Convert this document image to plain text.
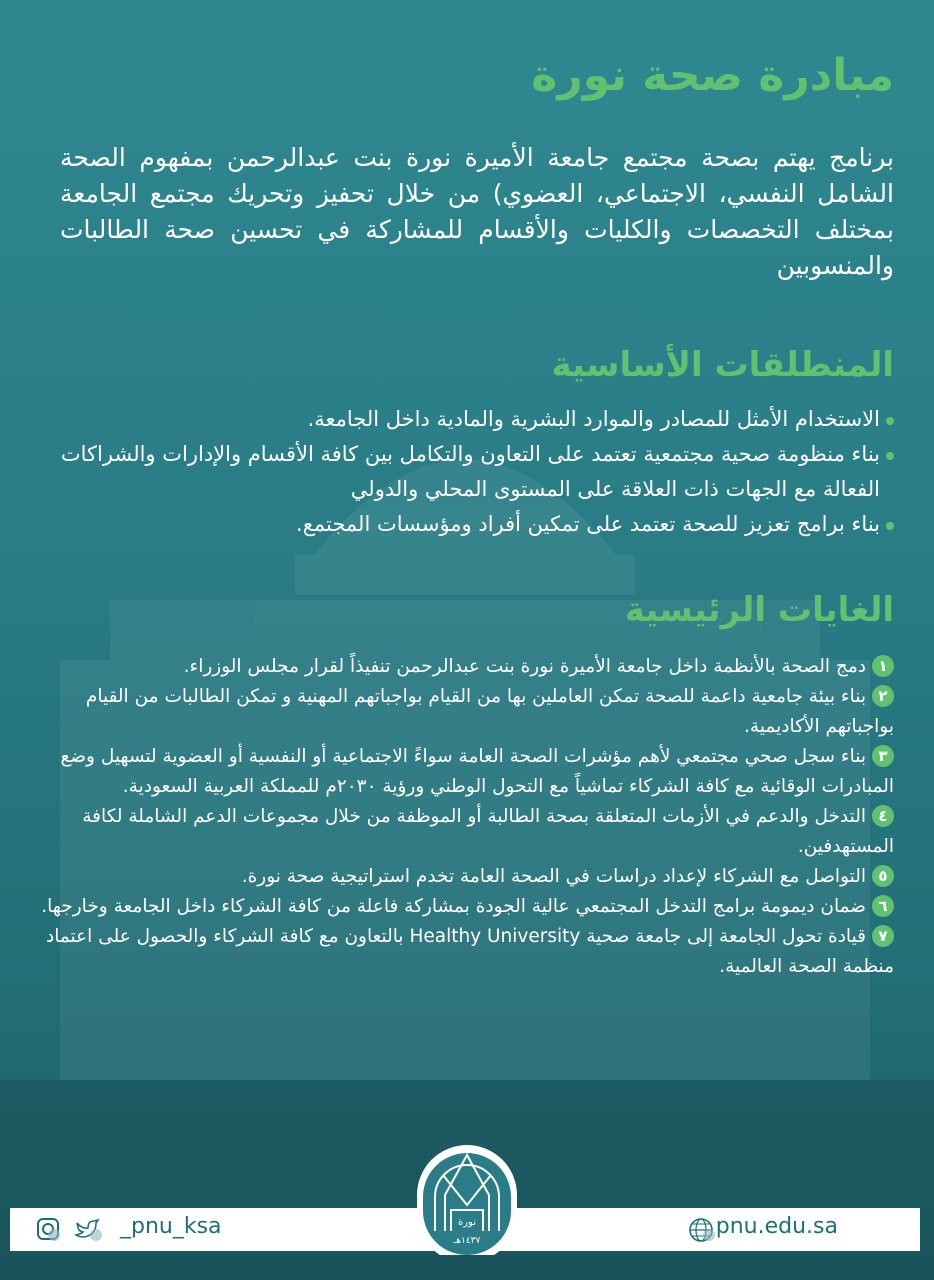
مبادرة صحة نورة

برنامج يهتم بصحة مجتمع جامعة الأميرة نورة بنت عبدالرحمن بمفهوم الصحة الشامل النفسي، الاجتماعي، العضوي) من خلال تحفيز وتحريك مجتمع الجامعة بمختلف التخصصات والكليات والأقسام للمشاركة في تحسين صحة الطالبات والمنسوبين

المنطلقات الأساسية
الاستخدام الأمثل للمصادر والموارد البشرية والمادية داخل الجامعة.
بناء منظومة صحية مجتمعية تعتمد على التعاون والتكامل بين كافة الأقسام والإدارات والشراكات الفعالة مع الجهات ذات العلاقة على المستوى المحلي والدولي
بناء برامج تعزيز للصحة تعتمد على تمكين أفراد ومؤسسات المجتمع.
الغايات الرئيسية
١دمج الصحة بالأنظمة داخل جامعة الأميرة نورة بنت عبدالرحمن تنفيذاً لقرار مجلس الوزراء.
٢بناء بيئة جامعية داعمة للصحة تمكن العاملين بها من القيام بواجباتهم المهنية و تمكن الطالبات من القيام بواجباتهم الأكاديمية.
٣بناء سجل صحي مجتمعي لأهم مؤشرات الصحة العامة سواءً الاجتماعية أو النفسية أو العضوية لتسهيل وضع المبادرات الوقائية مع كافة الشركاء تماشياً مع التحول الوطني ورؤية ٢٠٣٠م للمملكة العربية السعودية.
٤التدخل والدعم في الأزمات المتعلقة بصحة الطالبة أو الموظفة من خلال مجموعات الدعم الشاملة لكافة المستهدفين.
٥التواصل مع الشركاء لإعداد دراسات في الصحة العامة تخدم استراتيجية صحة نورة.
٦ضمان ديمومة برامج التدخل المجتمعي عالية الجودة بمشاركة فاعلة من كافة الشركاء داخل الجامعة وخارجها.
٧قيادة تحول الجامعة إلى جامعة صحية Healthy University بالتعاون مع كافة الشركاء والحصول على اعتماد منظمة الصحة العالمية.
_pnu_ksa	pnu.edu.sa
نورة
١٤٣٧هـ
